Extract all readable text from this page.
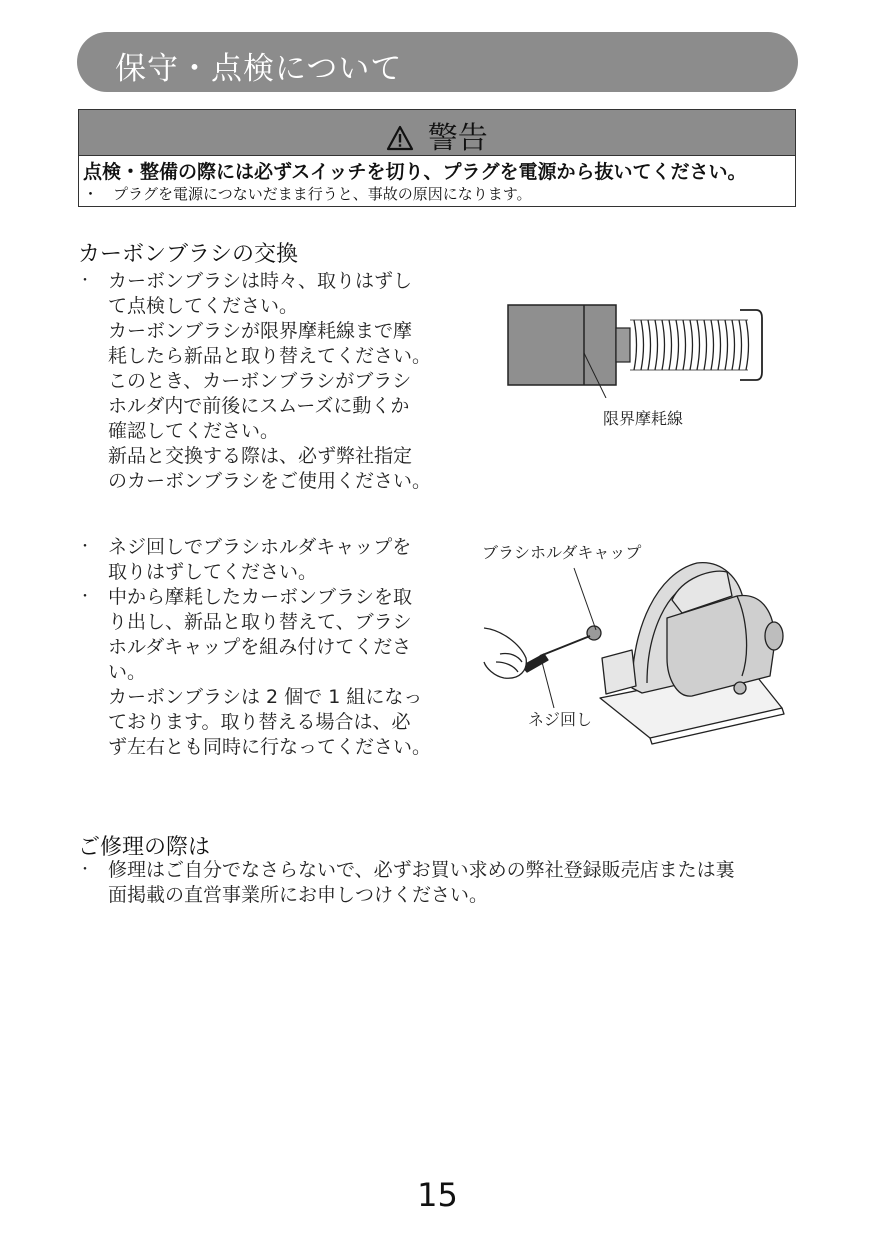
保守・点検について
警告
点検・整備の際には必ずスイッチを切り、プラグを電源から抜いてください。
・ プラグを電源につないだまま行うと、事故の原因になります。
カーボンブラシの交換
・ カーボンブラシは時々、取りはずし
て点検してください。
カーボンブラシが限界摩耗線まで摩
耗したら新品と取り替えてください。
このとき、カーボンブラシがブラシ
ホルダ内で前後にスムーズに動くか
確認してください。
新品と交換する際は、必ず弊社指定
のカーボンブラシをご使用ください。
限界摩耗線
・ ネジ回しでブラシホルダキャップを
取りはずしてください。
・ 中から摩耗したカーボンブラシを取
り出し、新品と取り替えて、ブラシ
ホルダキャップを組み付けてくださ
い。
カーボンブラシは 2 個で 1 組になっ
ております。取り替える場合は、必
ず左右とも同時に行なってください。
ブラシホルダキャップ
ネジ回し
ご修理の際は
・ 修理はご自分でなさらないで、必ずお買い求めの弊社登録販売店または裏
面掲載の直営事業所にお申しつけください。
15
